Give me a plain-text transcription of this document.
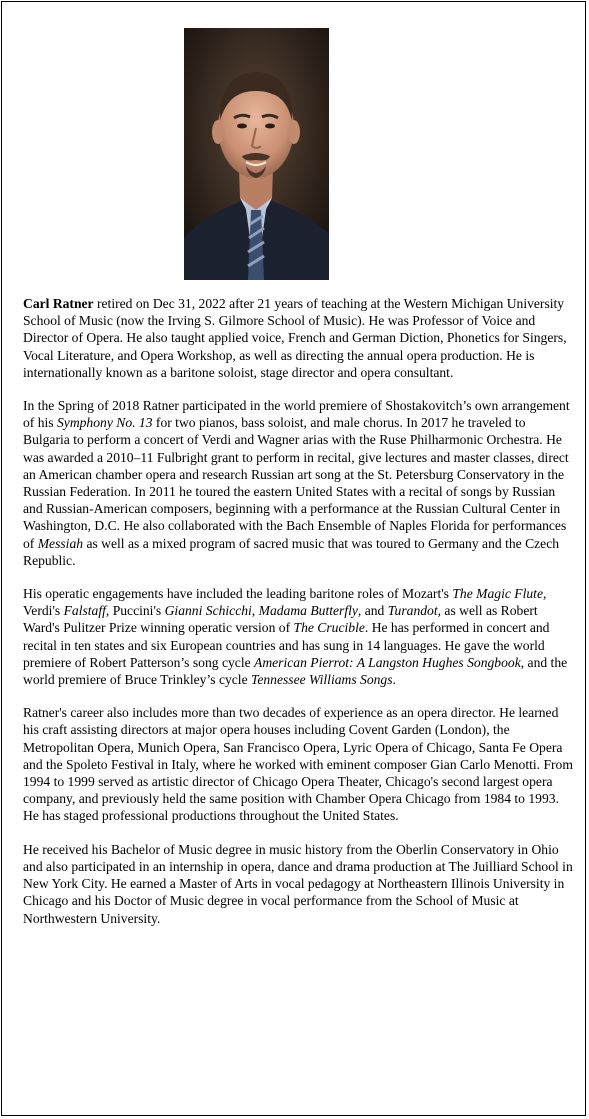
Carl Ratner retired on Dec 31, 2022 after 21 years of teaching at the Western Michigan University School of Music (now the Irving S. Gilmore School of Music). He was Professor of Voice and Director of Opera. He also taught applied voice, French and German Diction, Phonetics for Singers, Vocal Literature, and Opera Workshop, as well as directing the annual opera production. He is internationally known as a baritone soloist, stage director and opera consultant.

In the Spring of 2018 Ratner participated in the world premiere of Shostakovitch’s own arrangement of his Symphony No. 13 for two pianos, bass soloist, and male chorus. In 2017 he traveled to Bulgaria to perform a concert of Verdi and Wagner arias with the Ruse Philharmonic Orchestra. He was awarded a 2010–11 Fulbright grant to perform in recital, give lectures and master classes, direct an American chamber opera and research Russian art song at the St. Petersburg Conservatory in the Russian Federation. In 2011 he toured the eastern United States with a recital of songs by Russian and Russian-American composers, beginning with a performance at the Russian Cultural Center in Washington, D.C. He also collaborated with the Bach Ensemble of Naples Florida for performances of Messiah as well as a mixed program of sacred music that was toured to Germany and the Czech Republic.

His operatic engagements have included the leading baritone roles of Mozart's The Magic Flute, Verdi's Falstaff, Puccini's Gianni Schicchi, Madama Butterfly, and Turandot, as well as Robert Ward's Pulitzer Prize winning operatic version of The Crucible. He has performed in concert and recital in ten states and six European countries and has sung in 14 languages. He gave the world premiere of Robert Patterson’s song cycle American Pierrot: A Langston Hughes Songbook, and the world premiere of Bruce Trinkley’s cycle Tennessee Williams Songs.

Ratner's career also includes more than two decades of experience as an opera director. He learned his craft assisting directors at major opera houses including Covent Garden (London), the Metropolitan Opera, Munich Opera, San Francisco Opera, Lyric Opera of Chicago, Santa Fe Opera and the Spoleto Festival in Italy, where he worked with eminent composer Gian Carlo Menotti. From 1994 to 1999 served as artistic director of Chicago Opera Theater, Chicago's second largest opera company, and previously held the same position with Chamber Opera Chicago from 1984 to 1993. He has staged professional productions throughout the United States.

He received his Bachelor of Music degree in music history from the Oberlin Conservatory in Ohio and also participated in an internship in opera, dance and drama production at The Juilliard School in New York City. He earned a Master of Arts in vocal pedagogy at Northeastern Illinois University in Chicago and his Doctor of Music degree in vocal performance from the School of Music at Northwestern University.
